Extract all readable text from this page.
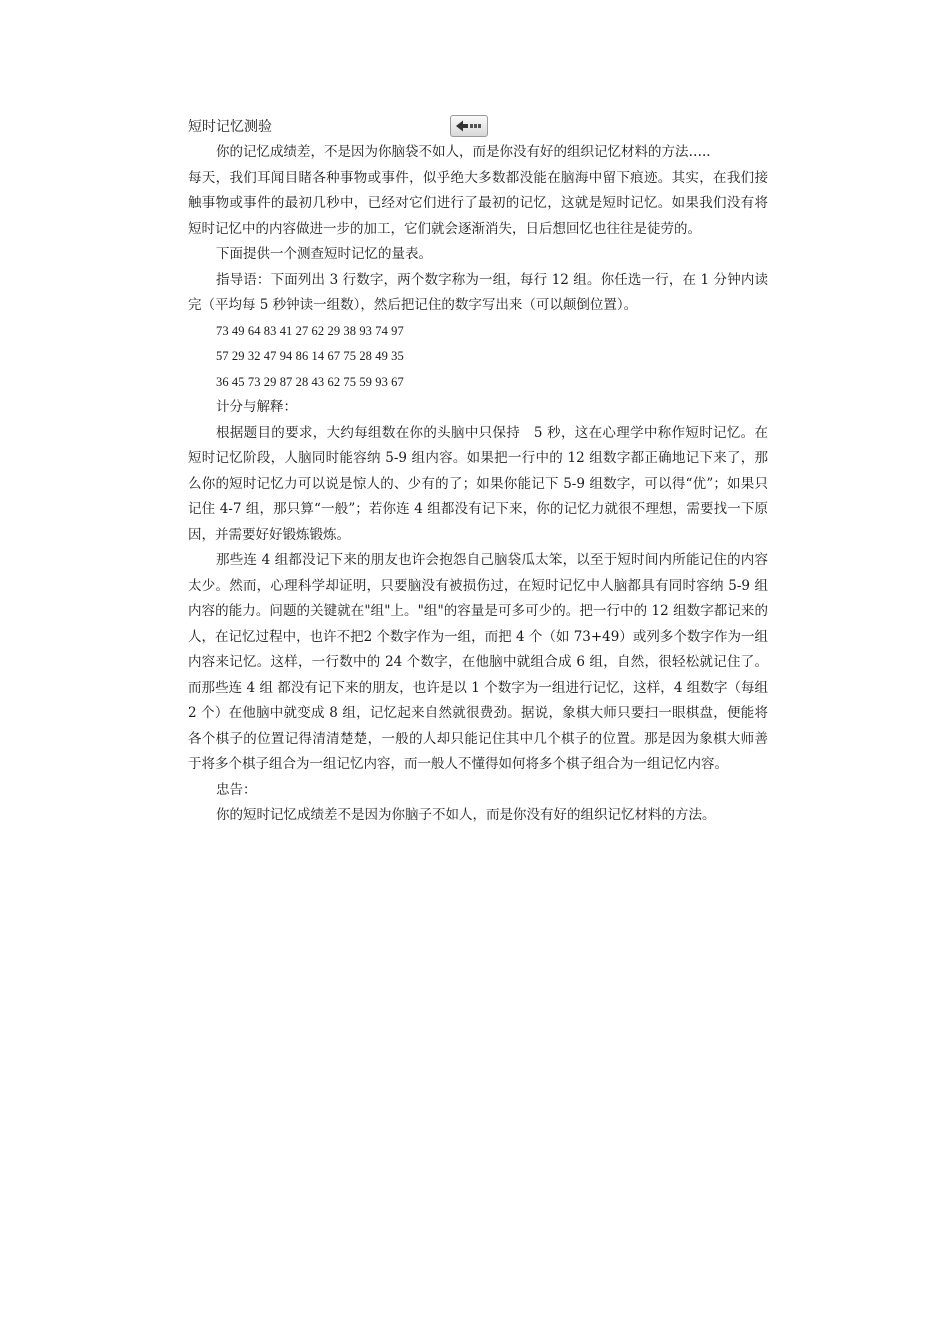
短时记忆测验

你的记忆成绩差，不是因为你脑袋不如人，而是你没有好的组织记忆材料的方法…..

每天，我们耳闻目睹各种事物或事件，似乎绝大多数都没能在脑海中留下痕迹。其实，在我们接触事物或事件的最初几秒中，已经对它们进行了最初的记忆，这就是短时记忆。如果我们没有将短时记忆中的内容做进一步的加工，它们就会逐渐消失，日后想回忆也往往是徒劳的。

下面提供一个测查短时记忆的量表。

指导语：下面列出 3 行数字，两个数字称为一组，每行 12 组。你任选一行，在 1 分钟内读完（平均每 5 秒钟读一组数），然后把记住的数字写出来（可以颠倒位置）。

73 49 64 83 41 27 62 29 38 93 74 97

57 29 32 47 94 86 14 67 75 28 49 35

36 45 73 29 87 28 43 62 75 59 93 67

计分与解释：

根据题目的要求，大约每组数在你的头脑中只保持　5 秒，这在心理学中称作短时记忆。在短时记忆阶段，人脑同时能容纳 5-9 组内容。如果把一行中的 12 组数字都正确地记下来了，那么你的短时记忆力可以说是惊人的、少有的了；如果你能记下 5-9 组数字，可以得“优”；如果只记住 4-7 组，那只算“一般”；若你连 4 组都没有记下来，你的记忆力就很不理想，需要找一下原因，并需要好好锻炼锻炼。

那些连 4 组都没记下来的朋友也许会抱怨自己脑袋瓜太笨，以至于短时间内所能记住的内容太少。然而，心理科学却证明，只要脑没有被损伤过，在短时记忆中人脑都具有同时容纳 5-9 组内容的能力。问题的关键就在"组"上。"组"的容量是可多可少的。把一行中的 12 组数字都记来的人，在记忆过程中，也许不把2 个数字作为一组，而把 4 个（如 73+49）或列多个数字作为一组内容来记忆。这样，一行数中的 24 个数字，在他脑中就组合成 6 组，自然，很轻松就记住了。而那些连 4 组 都没有记下来的朋友，也许是以 1 个数字为一组进行记忆，这样，4 组数字（每组 2 个）在他脑中就变成 8 组，记忆起来自然就很费劲。据说，象棋大师只要扫一眼棋盘，便能将各个棋子的位置记得清清楚楚，一般的人却只能记住其中几个棋子的位置。那是因为象棋大师善于将多个棋子组合为一组记忆内容，而一般人不懂得如何将多个棋子组合为一组记忆内容。

忠告：

你的短时记忆成绩差不是因为你脑子不如人，而是你没有好的组织记忆材料的方法。
